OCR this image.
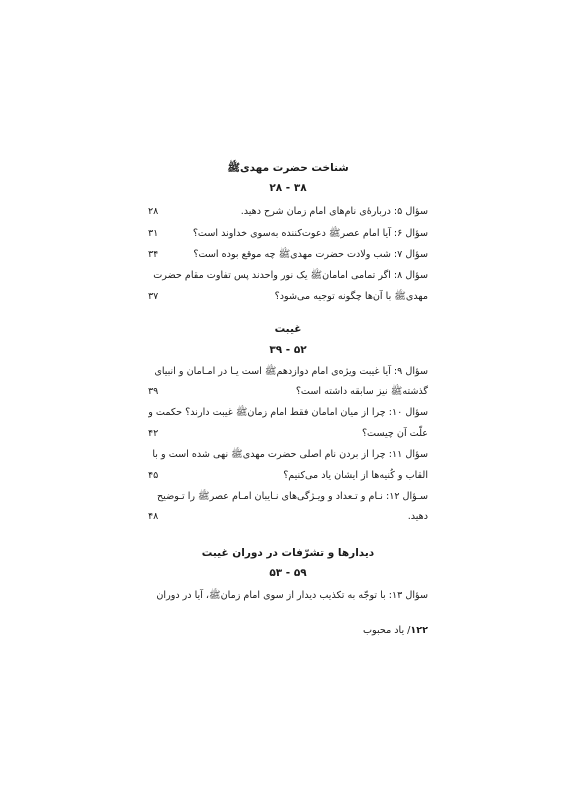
شناخت حضرت مهدیﷺ
۳۸ - ۲۸
سؤال ۵: دربارۀی نام‌های امام زمان شرح دهید.
۲۸
سؤال ۶: آیا امام عصرﷺ دعوت‌کننده به‌سوی خداوند است؟
۳۱
سؤال ۷: شب ولادت حضرت مهدیﷺ چه موقع بوده است؟
۳۴
سؤال ۸: اگر تمامی امامانﷺ یک نور واحدند پس تفاوت مقام حضرت
مهدیﷺ با آن‌ها چگونه توجیه می‌شود؟
۳۷
غیبت
۵۲ - ۳۹
سؤال ۹: آیا غیبت ویژه‌ی امام دوازدهمﷺ است یـا در امـامان و انبیای
گذشتهﷺ نیز سابقه داشته است؟
۳۹
سؤال ۱۰: چرا از میان امامان فقط امام زمانﷺ غیبت دارند؟ حکمت و
علّت آن چیست؟
۴۲
سؤال ۱۱: چرا از بردن نام اصلی حضرت مهدیﷺ نهی شده است و با
القاب و کُنیه‌ها از ایشان یاد می‌کنیم؟
۴۵
سـؤال ۱۲: نـام و تـعداد و ویـژگی‌های نـایبان امـام عصرﷺ را تـوضیح
دهید.
۴۸
دیدارها و تشرّفات در دوران غیبت
۵۹ - ۵۳
سؤال ۱۳: با توجّه به تکذیب دیدار از سوی امام زمانﷺ، آیا در دوران
۱۲۲/ یاد محبوب
